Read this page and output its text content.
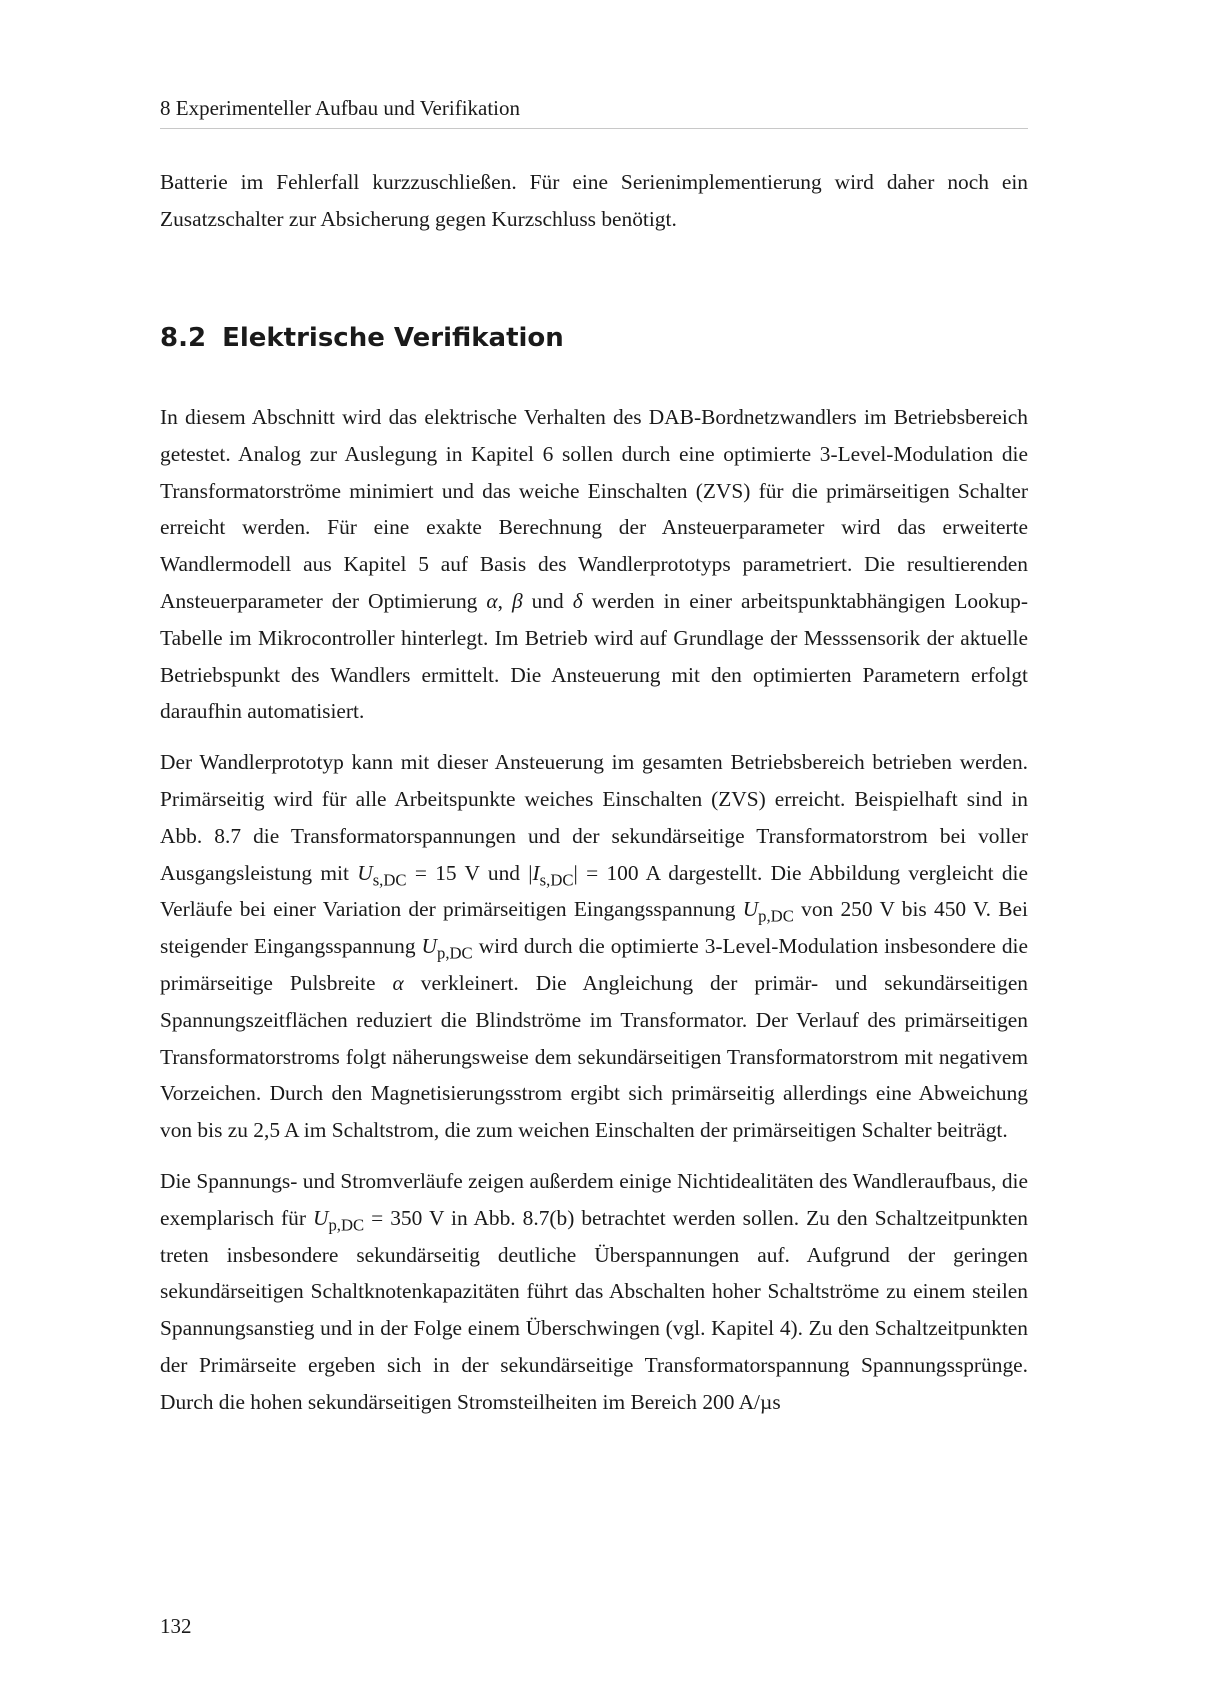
8 Experimenteller Aufbau und Verifikation

Batterie im Fehlerfall kurzzuschließen. Für eine Serienimplementierung wird daher noch ein Zusatzschalter zur Absicherung gegen Kurzschluss benötigt.

8.2 Elektrische Verifikation

In diesem Abschnitt wird das elektrische Verhalten des DAB-Bordnetzwandlers im Betriebsbereich getestet. Analog zur Auslegung in Kapitel 6 sollen durch eine optimierte 3-Level-Modulation die Transformatorströme minimiert und das weiche Einschalten (ZVS) für die primärseitigen Schalter erreicht werden. Für eine exakte Berechnung der Ansteuerparameter wird das erweiterte Wandlermodell aus Kapitel 5 auf Basis des Wandlerprototyps parametriert. Die resultierenden Ansteuerparameter der Optimierung α, β und δ werden in einer arbeitspunktabhängigen Lookup-Tabelle im Mikrocontroller hinterlegt. Im Betrieb wird auf Grundlage der Messsensorik der aktuelle Betriebspunkt des Wandlers ermittelt. Die Ansteuerung mit den optimierten Parametern erfolgt daraufhin automatisiert.

Der Wandlerprototyp kann mit dieser Ansteuerung im gesamten Betriebsbereich betrieben werden. Primärseitig wird für alle Arbeitspunkte weiches Einschalten (ZVS) erreicht. Beispielhaft sind in Abb. 8.7 die Transformatorspannungen und der sekundärseitige Transformatorstrom bei voller Ausgangsleistung mit $U_{s,DC} = 15$ V und $|I_{s,DC}| = 100$ A dargestellt. Die Abbildung vergleicht die Verläufe bei einer Variation der primärseitigen Eingangsspannung $U_{p,DC}$ von 250 V bis 450 V. Bei steigender Eingangsspannung $U_{p,DC}$ wird durch die optimierte 3-Level-Modulation insbesondere die primärseitige Pulsbreite α verkleinert. Die Angleichung der primär- und sekundärseitigen Spannungszeitflächen reduziert die Blindströme im Transformator. Der Verlauf des primärseitigen Transformatorstroms folgt näherungsweise dem sekundärseitigen Transformatorstrom mit negativem Vorzeichen. Durch den Magnetisierungsstrom ergibt sich primärseitig allerdings eine Abweichung von bis zu 2,5 A im Schaltstrom, die zum weichen Einschalten der primärseitigen Schalter beiträgt.

Die Spannungs- und Stromverläufe zeigen außerdem einige Nichtidealitäten des Wandleraufbaus, die exemplarisch für $U_{p,DC} = 350$ V in Abb. 8.7(b) betrachtet werden sollen. Zu den Schaltzeitpunkten treten insbesondere sekundärseitig deutliche Überspannungen auf. Aufgrund der geringen sekundärseitigen Schaltknotenkapazitäten führt das Abschalten hoher Schaltströme zu einem steilen Spannungsanstieg und in der Folge einem Überschwingen (vgl. Kapitel 4). Zu den Schaltzeitpunkten der Primärseite ergeben sich in der sekundärseitige Transformatorspannung Spannungssprünge. Durch die hohen sekundärseitigen Stromsteilheiten im Bereich 200 A/µs

132
